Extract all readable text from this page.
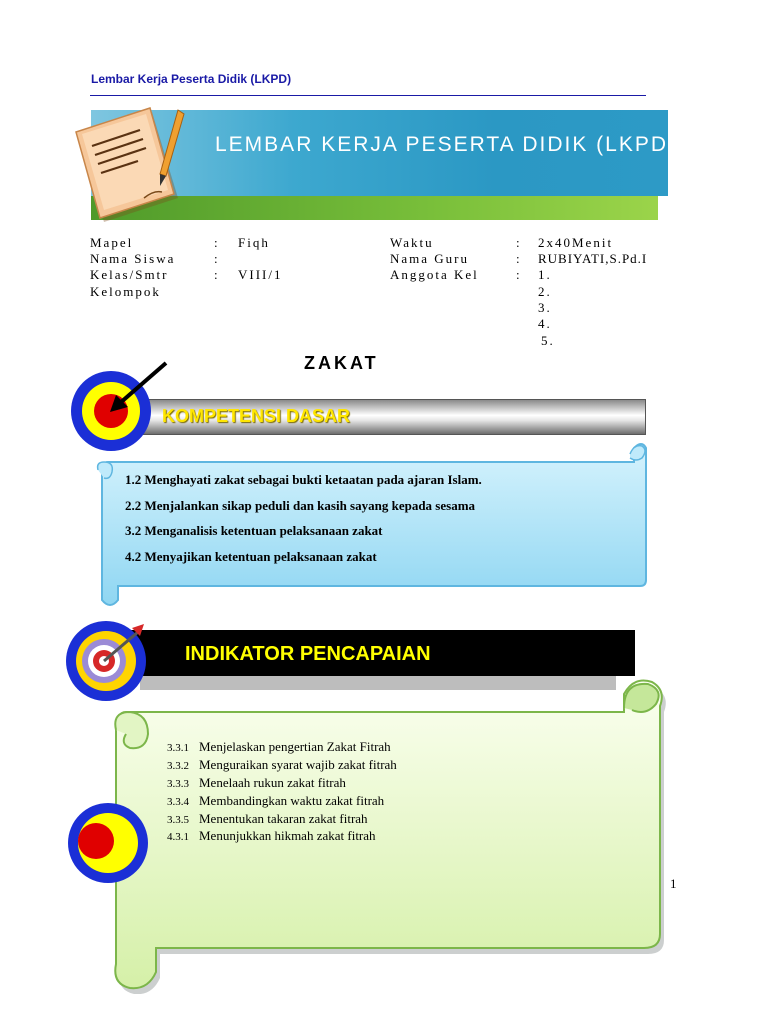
Lembar Kerja Peserta Didik (LKPD)
LEMBAR KERJA PESERTA DIDIK (LKPD)
Mapel	: Fiqh
Nama Siswa	:
Kelas/Smtr	: VIII/1
Kelompok
Waktu	: 2x40Menit
Nama Guru	: RUBIYATI,S.Pd.I
Anggota Kel	: 1.
2.
3.
4.
5.
ZAKAT
KOMPETENSI DASAR
1.2 Menghayati zakat sebagai bukti ketaatan pada ajaran Islam.
2.2 Menjalankan sikap peduli dan kasih sayang kepada sesama
3.2 Menganalisis ketentuan pelaksanaan zakat
4.2 Menyajikan ketentuan pelaksanaan zakat
INDIKATOR PENCAPAIAN
3.3.1 Menjelaskan pengertian Zakat Fitrah
3.3.2 Menguraikan syarat wajib zakat fitrah
3.3.3 Menelaah rukun zakat fitrah
3.3.4 Membandingkan waktu zakat fitrah
3.3.5 Menentukan takaran zakat fitrah
4.3.1 Menunjukkan hikmah zakat fitrah
1
